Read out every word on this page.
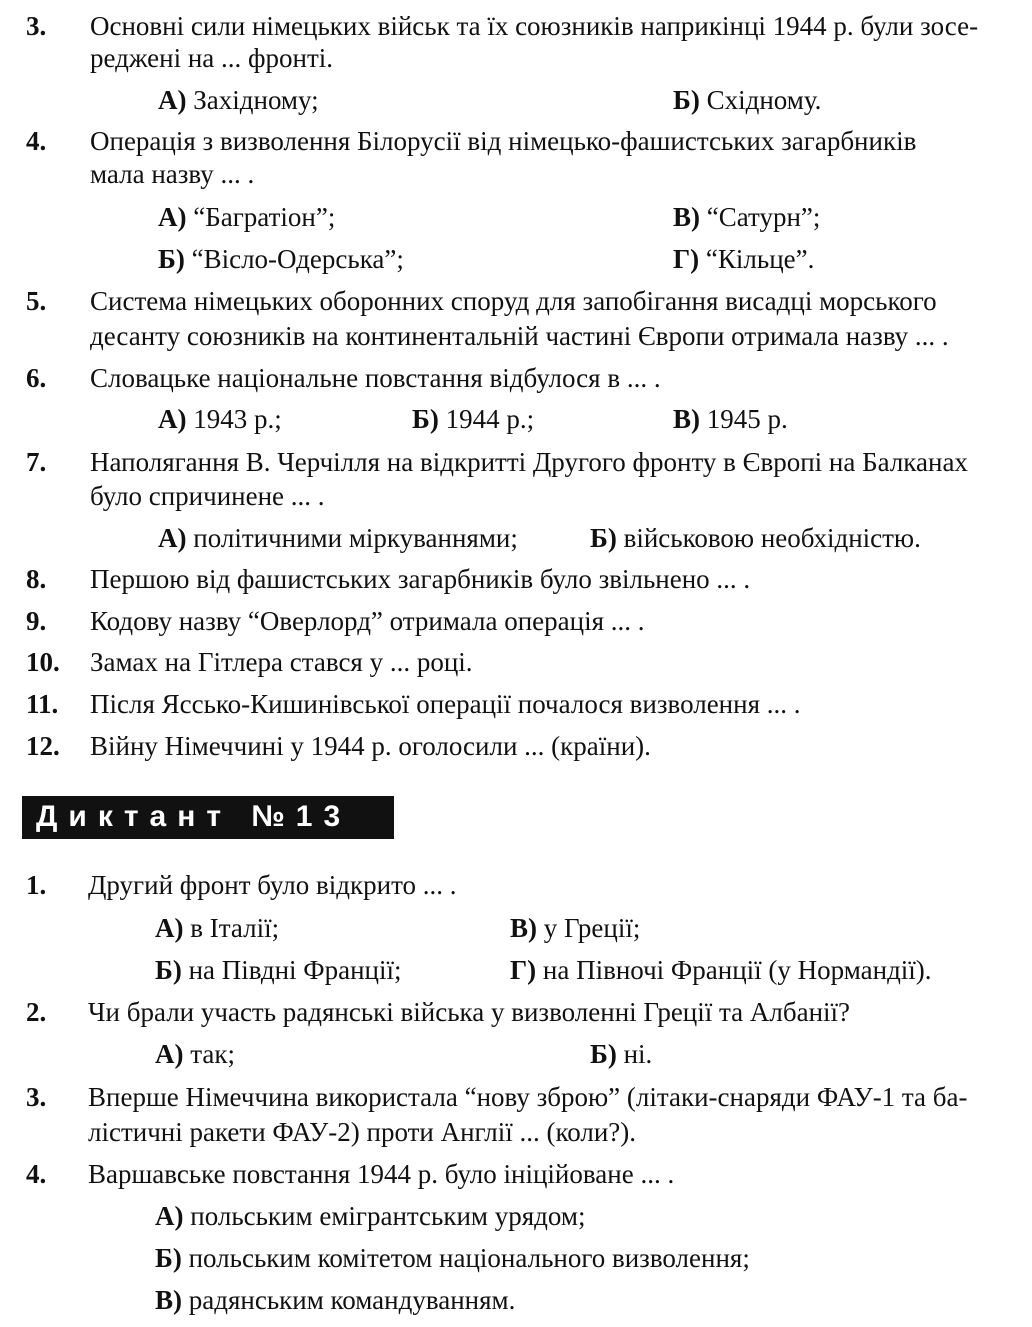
3. Основні сили німецьких військ та їх союзників наприкінці 1944 р. були зосе-
реджені на ... фронті.
А) Західному;	Б) Східному.
4. Операція з визволення Білорусії від німецько-фашистських загарбників
мала назву ... .
А) “Багратіон”;	В) “Сатурн”;
Б) “Вісло-Одерська”;	Г) “Кільце”.
5. Система німецьких оборонних споруд для запобігання висадці морського
десанту союзників на континентальній частині Європи отримала назву ... .
6. Словацьке національне повстання відбулося в ... .
А) 1943 р.;	Б) 1944 р.;	В) 1945 р.
7. Наполягання В. Черчілля на відкритті Другого фронту в Європі на Балканах
було спричинене ... .
А) політичними міркуваннями;	Б) військовою необхідністю.
8. Першою від фашистських загарбників було звільнено ... .
9. Кодову назву “Оверлорд” отримала операція ... .
10. Замах на Гітлера стався у ... році.
11. Після Яссько-Кишинівської операції почалося визволення ... .
12. Війну Німеччині у 1944 р. оголосили ... (країни).
Диктант №13
1. Другий фронт було відкрито ... .
А) в Італії;	В) у Греції;
Б) на Півдні Франції;	Г) на Півночі Франції (у Нормандії).
2. Чи брали участь радянські війська у визволенні Греції та Албанії?
А) так;	Б) ні.
3. Вперше Німеччина використала “нову зброю” (літаки-снаряди ФАУ-1 та ба-
лістичні ракети ФАУ-2) проти Англії ... (коли?).
4. Варшавське повстання 1944 р. було ініційоване ... .
А) польським емігрантським урядом;
Б) польським комітетом національного визволення;
В) радянським командуванням.
